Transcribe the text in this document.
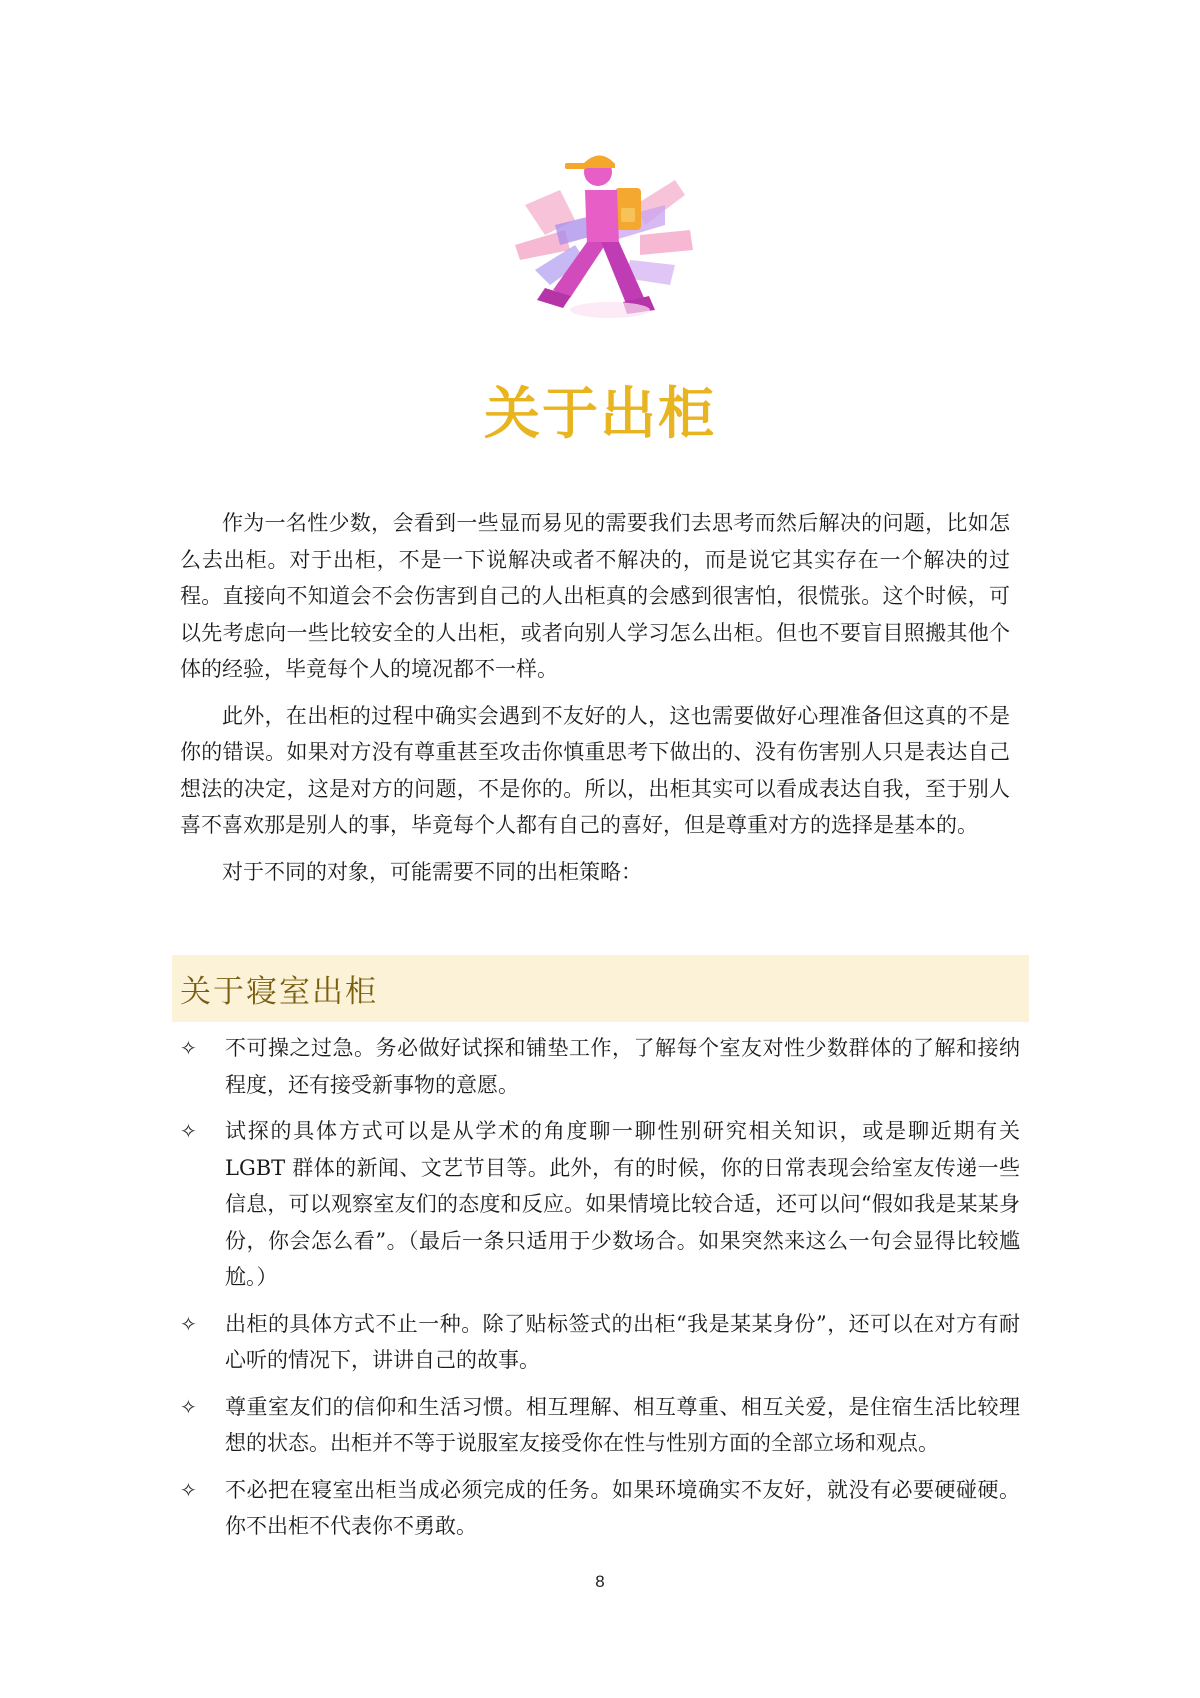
关于出柜

作为一名性少数，会看到一些显而易见的需要我们去思考而然后解决的问题，比如怎么去出柜。对于出柜，不是一下说解决或者不解决的，而是说它其实存在一个解决的过程。直接向不知道会不会伤害到自己的人出柜真的会感到很害怕，很慌张。这个时候，可以先考虑向一些比较安全的人出柜，或者向别人学习怎么出柜。但也不要盲目照搬其他个体的经验，毕竟每个人的境况都不一样。

此外，在出柜的过程中确实会遇到不友好的人，这也需要做好心理准备但这真的不是你的错误。如果对方没有尊重甚至攻击你慎重思考下做出的、没有伤害别人只是表达自己想法的决定，这是对方的问题，不是你的。所以，出柜其实可以看成表达自我，至于别人喜不喜欢那是别人的事，毕竟每个人都有自己的喜好，但是尊重对方的选择是基本的。

对于不同的对象，可能需要不同的出柜策略：

关于寝室出柜
✧ 不可操之过急。务必做好试探和铺垫工作，了解每个室友对性少数群体的了解和接纳程度，还有接受新事物的意愿。
✧ 试探的具体方式可以是从学术的角度聊一聊性别研究相关知识，或是聊近期有关 LGBT 群体的新闻、文艺节目等。此外，有的时候，你的日常表现会给室友传递一些信息，可以观察室友们的态度和反应。如果情境比较合适，还可以问“假如我是某某身份，你会怎么看”。（最后一条只适用于少数场合。如果突然来这么一句会显得比较尴尬。）
✧ 出柜的具体方式不止一种。除了贴标签式的出柜“我是某某身份”，还可以在对方有耐心听的情况下，讲讲自己的故事。
✧ 尊重室友们的信仰和生活习惯。相互理解、相互尊重、相互关爱，是住宿生活比较理想的状态。出柜并不等于说服室友接受你在性与性别方面的全部立场和观点。
✧ 不必把在寝室出柜当成必须完成的任务。如果环境确实不友好，就没有必要硬碰硬。你不出柜不代表你不勇敢。
8
